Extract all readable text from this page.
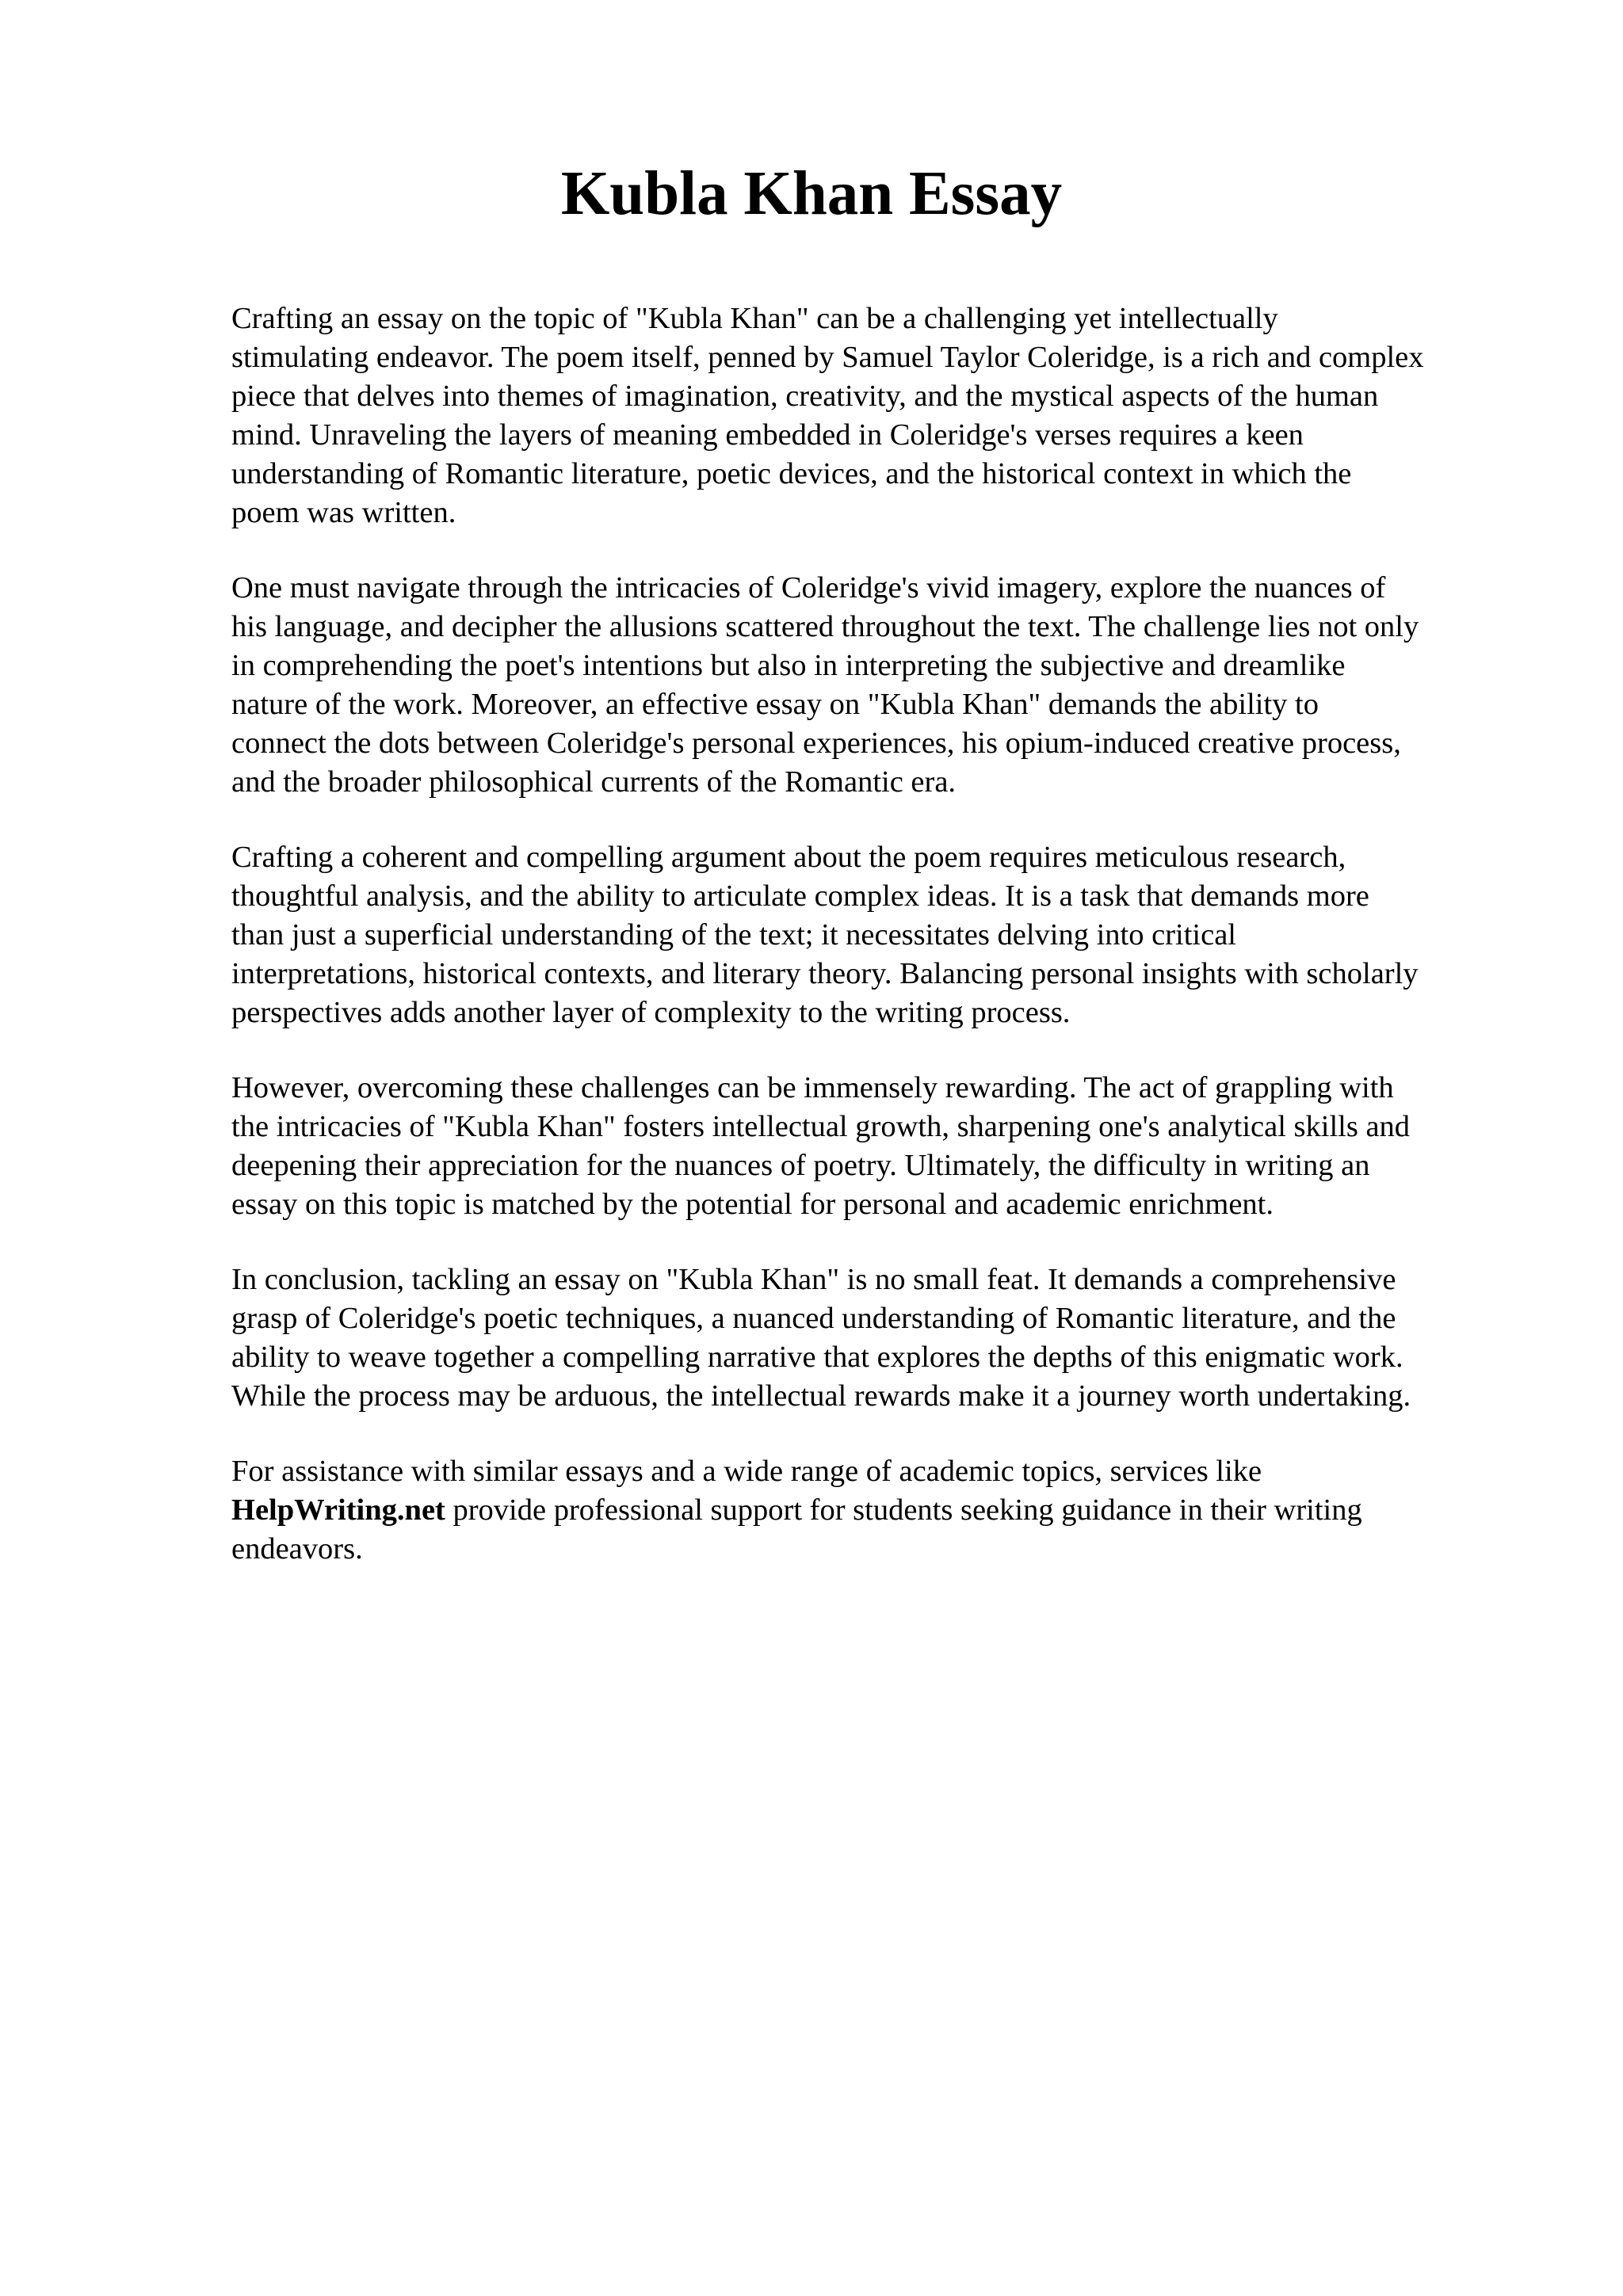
Kubla Khan Essay

Crafting an essay on the topic of "Kubla Khan" can be a challenging yet intellectually
stimulating endeavor. The poem itself, penned by Samuel Taylor Coleridge, is a rich and complex
piece that delves into themes of imagination, creativity, and the mystical aspects of the human
mind. Unraveling the layers of meaning embedded in Coleridge's verses requires a keen
understanding of Romantic literature, poetic devices, and the historical context in which the
poem was written.

One must navigate through the intricacies of Coleridge's vivid imagery, explore the nuances of
his language, and decipher the allusions scattered throughout the text. The challenge lies not only
in comprehending the poet's intentions but also in interpreting the subjective and dreamlike
nature of the work. Moreover, an effective essay on "Kubla Khan" demands the ability to
connect the dots between Coleridge's personal experiences, his opium-induced creative process,
and the broader philosophical currents of the Romantic era.

Crafting a coherent and compelling argument about the poem requires meticulous research,
thoughtful analysis, and the ability to articulate complex ideas. It is a task that demands more
than just a superficial understanding of the text; it necessitates delving into critical
interpretations, historical contexts, and literary theory. Balancing personal insights with scholarly
perspectives adds another layer of complexity to the writing process.

However, overcoming these challenges can be immensely rewarding. The act of grappling with
the intricacies of "Kubla Khan" fosters intellectual growth, sharpening one's analytical skills and
deepening their appreciation for the nuances of poetry. Ultimately, the difficulty in writing an
essay on this topic is matched by the potential for personal and academic enrichment.

In conclusion, tackling an essay on "Kubla Khan" is no small feat. It demands a comprehensive
grasp of Coleridge's poetic techniques, a nuanced understanding of Romantic literature, and the
ability to weave together a compelling narrative that explores the depths of this enigmatic work.
While the process may be arduous, the intellectual rewards make it a journey worth undertaking.

For assistance with similar essays and a wide range of academic topics, services like
HelpWriting.net provide professional support for students seeking guidance in their writing
endeavors.
